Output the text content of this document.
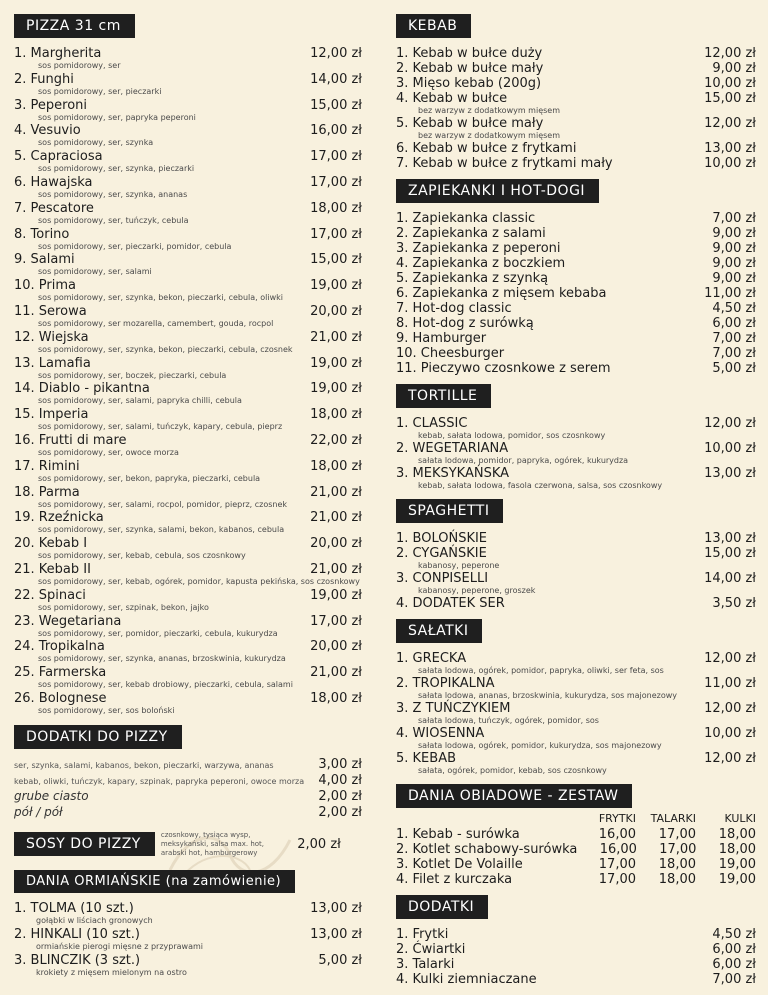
PIZZA 31 cm
1. Margherita	12,00 zł
sos pomidorowy, ser
2. Funghi	14,00 zł
sos pomidorowy, ser, pieczarki
3. Peperoni	15,00 zł
sos pomidorowy, ser, papryka peperoni
4. Vesuvio	16,00 zł
sos pomidorowy, ser, szynka
5. Capraciosa	17,00 zł
sos pomidorowy, ser, szynka, pieczarki
6. Hawajska	17,00 zł
sos pomidorowy, ser, szynka, ananas
7. Pescatore	18,00 zł
sos pomidorowy, ser, tuńczyk, cebula
8. Torino	17,00 zł
sos pomidorowy, ser, pieczarki, pomidor, cebula
9. Salami	15,00 zł
sos pomidorowy, ser, salami
10. Prima	19,00 zł
sos pomidorowy, ser, szynka, bekon, pieczarki, cebula, oliwki
11. Serowa	20,00 zł
sos pomidorowy, ser mozarella, camembert, gouda, rocpol
12. Wiejska	21,00 zł
sos pomidorowy, ser, szynka, bekon, pieczarki, cebula, czosnek
13. Lamafia	19,00 zł
sos pomidorowy, ser, boczek, pieczarki, cebula
14. Diablo - pikantna	19,00 zł
sos pomidorowy, ser, salami, papryka chilli, cebula
15. Imperia	18,00 zł
sos pomidorowy, ser, salami, tuńczyk, kapary, cebula, pieprz
16. Frutti di mare	22,00 zł
sos pomidorowy, ser, owoce morza
17. Rimini	18,00 zł
sos pomidorowy, ser, bekon, papryka, pieczarki, cebula
18. Parma	21,00 zł
sos pomidorowy, ser, salami, rocpol, pomidor, pieprz, czosnek
19. Rzeźnicka	21,00 zł
sos pomidorowy, ser, szynka, salami, bekon, kabanos, cebula
20. Kebab I	20,00 zł
sos pomidorowy, ser, kebab, cebula, sos czosnkowy
21. Kebab II	21,00 zł
sos pomidorowy, ser, kebab, ogórek, pomidor, kapusta pekińska, sos czosnkowy
22. Spinaci	19,00 zł
sos pomidorowy, ser, szpinak, bekon, jajko
23. Wegetariana	17,00 zł
sos pomidorowy, ser, pomidor, pieczarki, cebula, kukurydza
24. Tropikalna	20,00 zł
sos pomidorowy, ser, szynka, ananas, brzoskwinia, kukurydza
25. Farmerska	21,00 zł
sos pomidorowy, ser, kebab drobiowy, pieczarki, cebula, salami
26. Bolognese	18,00 zł
sos pomidorowy, ser, sos boloński
DODATKI DO PIZZY
ser, szynka, salami, kabanos, bekon, pieczarki, warzywa, ananas	3,00 zł
kebab, oliwki, tuńczyk, kapary, szpinak, papryka peperoni, owoce morza	4,00 zł
grube ciasto	2,00 zł
pół / pół	2,00 zł
SOSY DO PIZZY
czosnkowy, tysiąca wysp, meksykański, salsa max. hot, arabski hot, hamburgerowy
2,00 zł
DANIA ORMIAŃSKIE (na zamówienie)
1. TOLMA (10 szt.)	13,00 zł
gołąbki w liściach gronowych
2. HINKALI (10 szt.)	13,00 zł
ormiańskie pierogi mięsne z przyprawami
3. BLINCZIK (3 szt.)	5,00 zł
krokiety z mięsem mielonym na ostro
KEBAB
1. Kebab w bułce duży	12,00 zł
2. Kebab w bułce mały	9,00 zł
3. Mięso kebab (200g)	10,00 zł
4. Kebab w bułce	15,00 zł
bez warzyw z dodatkowym mięsem
5. Kebab w bułce mały	12,00 zł
bez warzyw z dodatkowym mięsem
6. Kebab w bułce z frytkami	13,00 zł
7. Kebab w bułce z frytkami mały	10,00 zł
ZAPIEKANKI I HOT-DOGI
1. Zapiekanka classic	7,00 zł
2. Zapiekanka z salami	9,00 zł
3. Zapiekanka z peperoni	9,00 zł
4. Zapiekanka z boczkiem	9,00 zł
5. Zapiekanka z szynką	9,00 zł
6. Zapiekanka z mięsem kebaba	11,00 zł
7. Hot-dog classic	4,50 zł
8. Hot-dog z surówką	6,00 zł
9. Hamburger	7,00 zł
10. Cheesburger	7,00 zł
11. Pieczywo czosnkowe z serem	5,00 zł
TORTILLE
1. CLASSIC	12,00 zł
kebab, sałata lodowa, pomidor, sos czosnkowy
2. WEGETARIANA	10,00 zł
sałata lodowa, pomidor, papryka, ogórek, kukurydza
3. MEKSYKAŃSKA	13,00 zł
kebab, sałata lodowa, fasola czerwona, salsa, sos czosnkowy
SPAGHETTI
1. BOLOŃSKIE	13,00 zł
2. CYGAŃSKIE	15,00 zł
kabanosy, peperone
3. CONPISELLI	14,00 zł
kabanosy, peperone, groszek
4. DODATEK SER	3,50 zł
SAŁATKI
1. GRECKA	12,00 zł
sałata lodowa, ogórek, pomidor, papryka, oliwki, ser feta, sos
2. TROPIKALNA	11,00 zł
sałata lodowa, ananas, brzoskwinia, kukurydza, sos majonezowy
3. Z TUŃCZYKIEM	12,00 zł
sałata lodowa, tuńczyk, ogórek, pomidor, sos
4. WIOSENNA	10,00 zł
sałata lodowa, ogórek, pomidor, kukurydza, sos majonezowy
5. KEBAB	12,00 zł
sałata, ogórek, pomidor, kebab, sos czosnkowy
DANIA OBIADOWE - ZESTAW
FRYTKI	TALARKI	KULKI
1. Kebab - surówka	16,00	17,00	18,00
2. Kotlet schabowy-surówka	16,00	17,00	18,00
3. Kotlet De Volaille	17,00	18,00	19,00
4. Filet z kurczaka	17,00	18,00	19,00
DODATKI
1. Frytki	4,50 zł
2. Ćwiartki	6,00 zł
3. Talarki	6,00 zł
4. Kulki ziemniaczane	7,00 zł
